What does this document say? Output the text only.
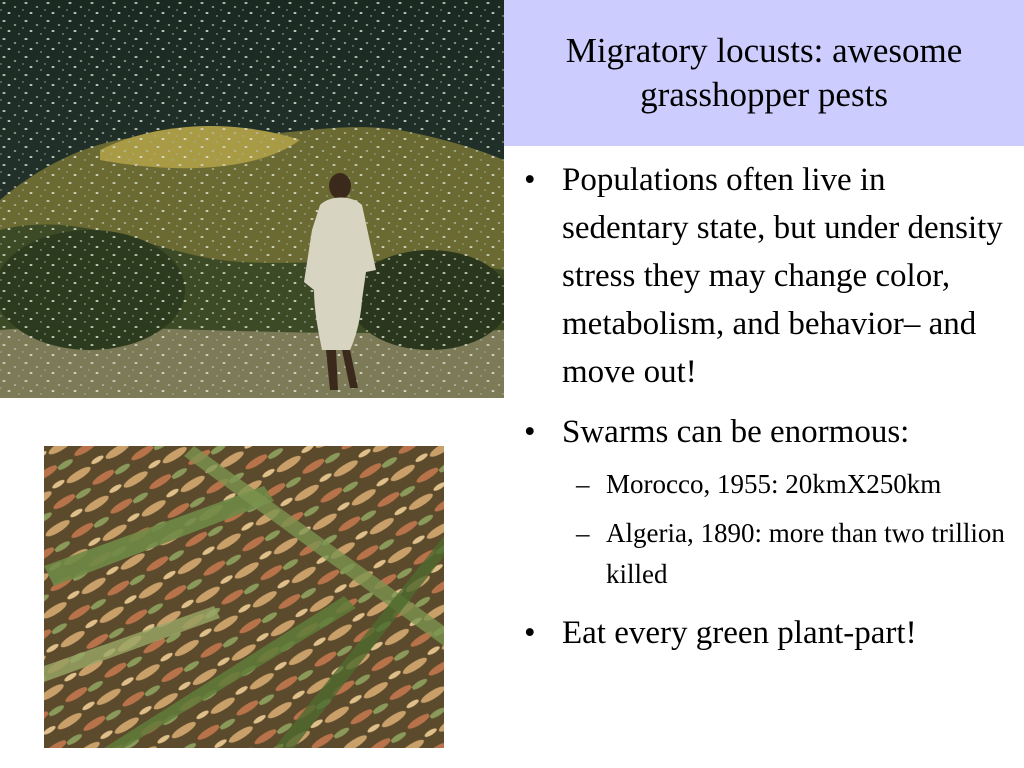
Migratory locusts: awesome grasshopper pests
• Populations often live in sedentary state, but under density stress they may change color, metabolism, and behavior– and move out!
• Swarms can be enormous:
– Morocco, 1955: 20kmX250km
– Algeria, 1890: more than two trillion killed
• Eat every green plant-part!
